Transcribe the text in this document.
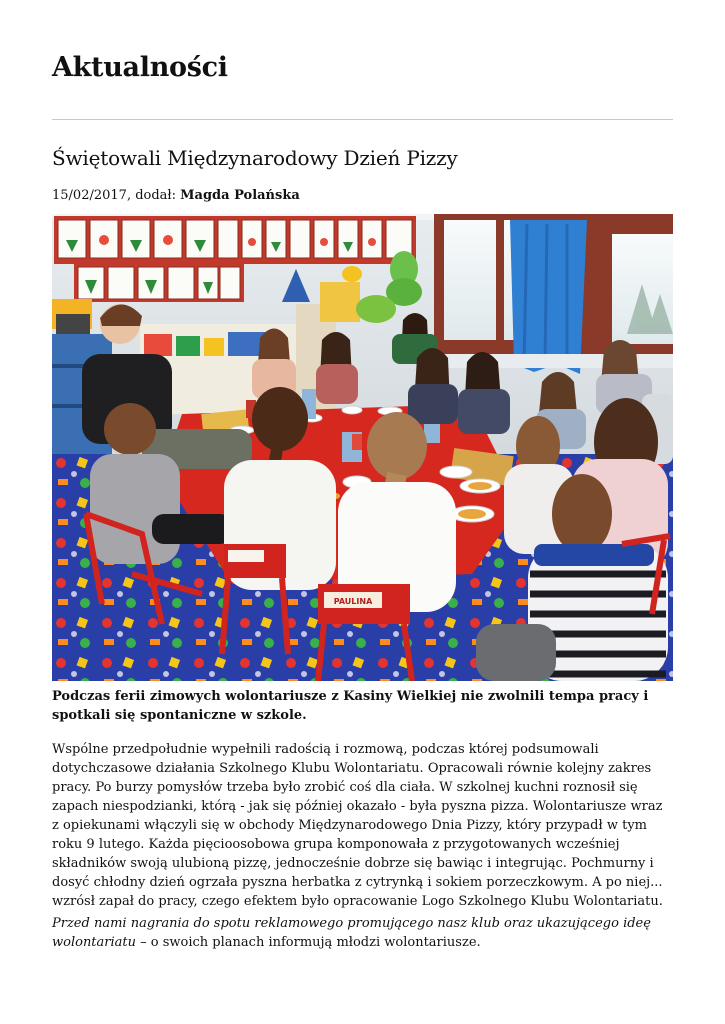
Aktualności
Świętowali Międzynarodowy Dzień Pizzy
15/02/2017, dodał: Magda Polańska
PAULINA

Podczas ferii zimowych wolontariusze z Kasiny Wielkiej nie zwolnili tempa pracy i spotkali się spontaniczne w szkole.

Wspólne przedpołudnie wypełnili radością i rozmową, podczas której podsumowali dotychczasowe działania Szkolnego Klubu Wolontariatu. Opracowali równie kolejny zakres pracy. Po burzy pomysłów trzeba było zrobić coś dla ciała. W szkolnej kuchni roznosił się zapach niespodzianki, którą - jak się później okazało - była pyszna pizza. Wolontariusze wraz z opiekunami włączyli się w obchody Międzynarodowego Dnia Pizzy, który przypadł w tym roku 9 lutego. Każda pięcioosobowa grupa komponowała z przygotowanych wcześniej składników swoją ulubioną pizzę, jednocześnie dobrze się bawiąc i integrując. Pochmurny i dosyć chłodny dzień ogrzała pyszna herbatka z cytrynką i sokiem porzeczkowym. A po niej... wzrósł zapał do pracy, czego efektem było opracowanie Logo Szkolnego Klubu Wolontariatu.

Przed nami nagrania do spotu reklamowego promującego nasz klub oraz ukazującego ideę wolontariatu – o swoich planach informują młodzi wolontariusze.
